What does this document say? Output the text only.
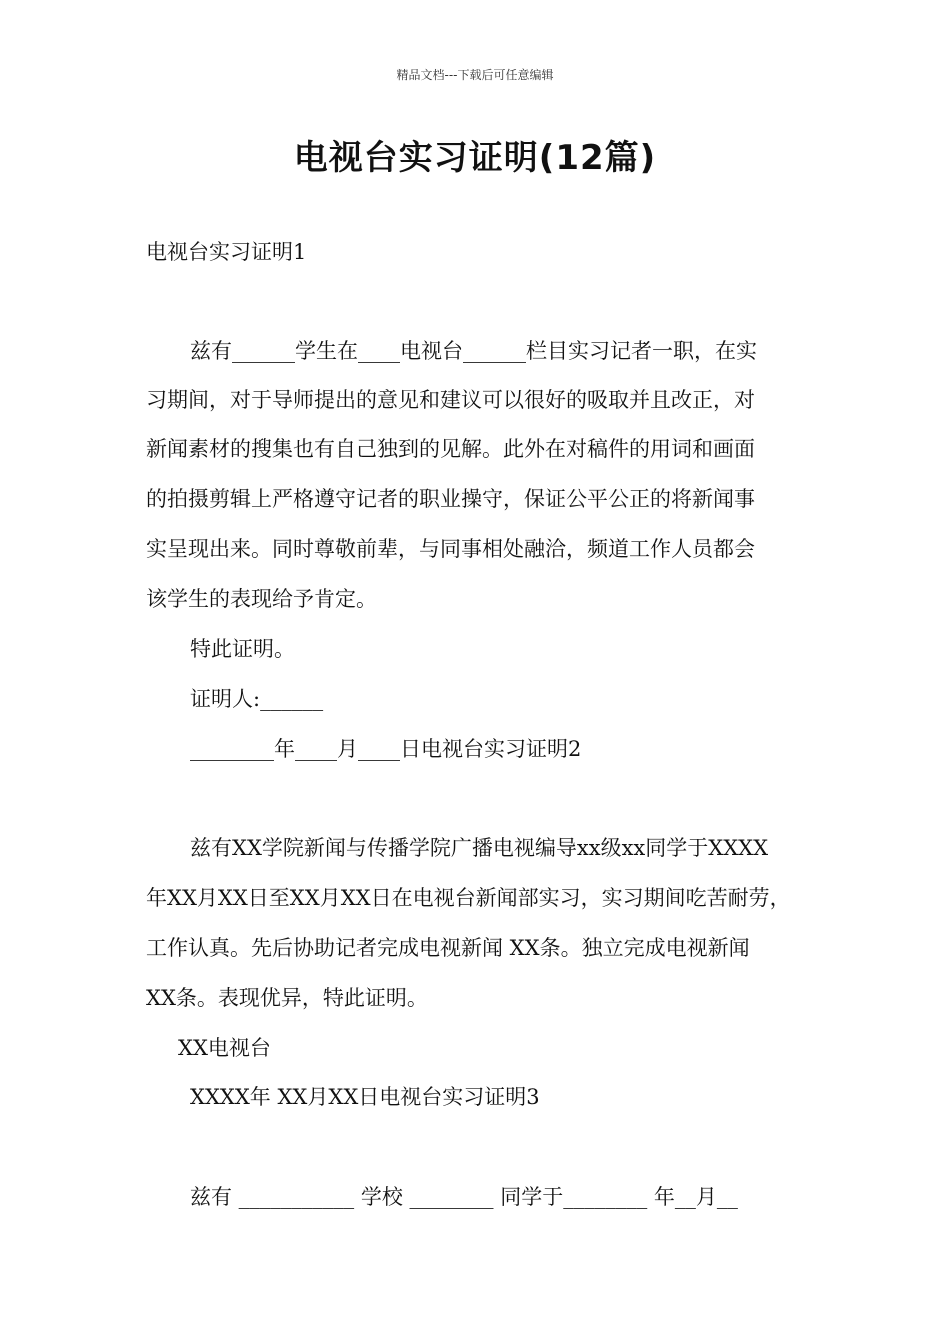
精品文档---下载后可任意编辑
电视台实习证明(12篇)
电视台实习证明1
兹有______学生在____电视台______栏目实习记者一职，在实
习期间，对于导师提出的意见和建议可以很好的吸取并且改正，对
新闻素材的搜集也有自己独到的见解。此外在对稿件的用词和画面
的拍摄剪辑上严格遵守记者的职业操守，保证公平公正的将新闻事
实呈现出来。同时尊敬前辈，与同事相处融洽，频道工作人员都会
该学生的表现给予肯定。
特此证明。
证明人:______
________年____月____日电视台实习证明2
兹有XX学院新闻与传播学院广播电视编导xx级xx同学于XXXX
年XX月XX日至XX月XX日在电视台新闻部实习，实习期间吃苦耐劳，
工作认真。先后协助记者完成电视新闻 XX条。独立完成电视新闻
XX条。表现优异，特此证明。
XX电视台
XXXX年 XX月XX日电视台实习证明3
兹有 ___________ 学校 ________ 同学于________ 年__月__
